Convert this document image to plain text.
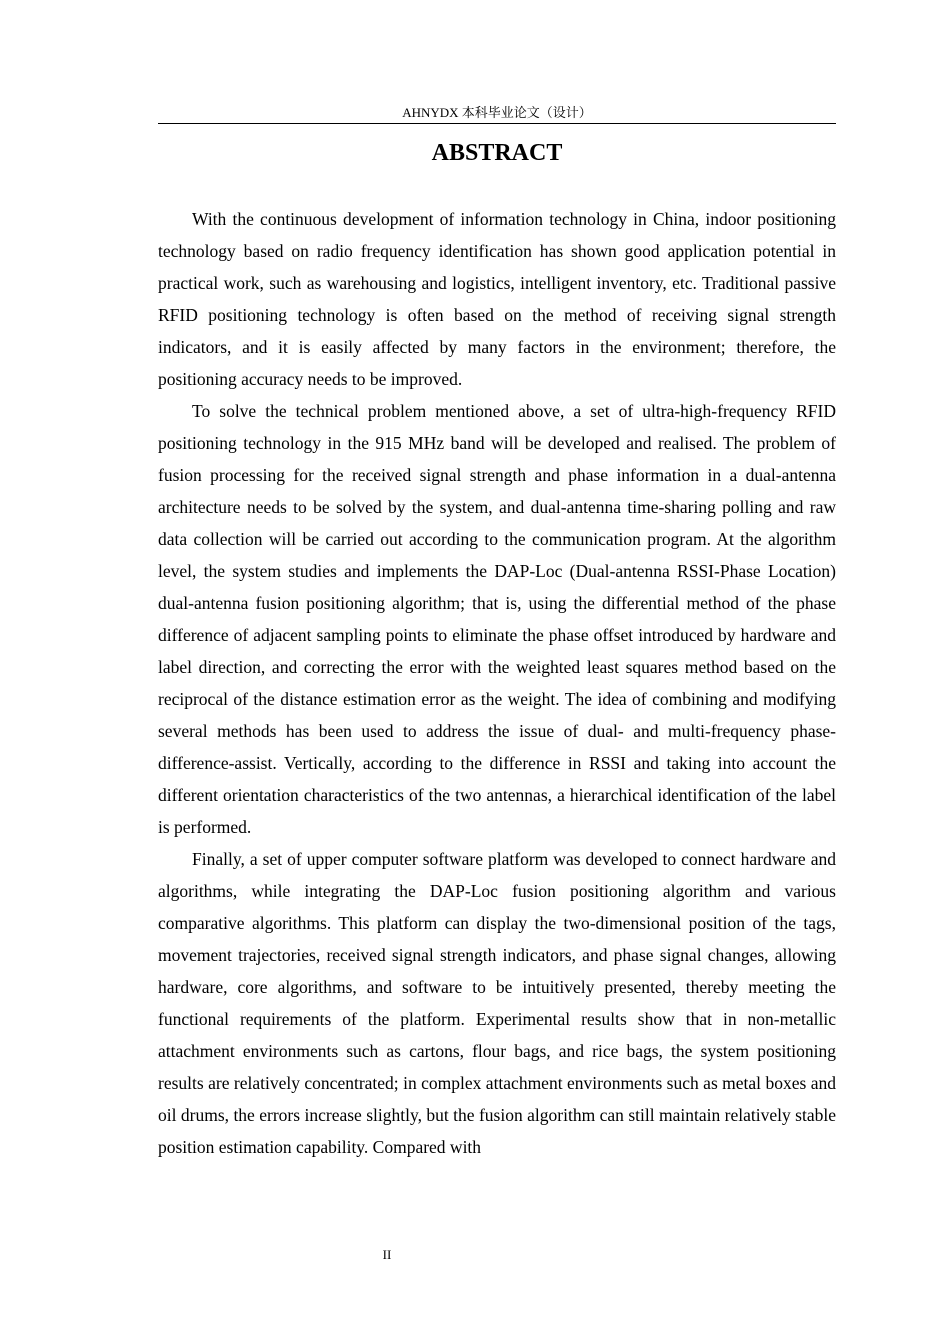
AHNYDX 本科毕业论文（设计）
ABSTRACT

With the continuous development of information technology in China, indoor positioning technology based on radio frequency identification has shown good application potential in practical work, such as warehousing and logistics, intelligent inventory, etc. Traditional passive RFID positioning technology is often based on the method of receiving signal strength indicators, and it is easily affected by many factors in the environment; therefore, the positioning accuracy needs to be improved.

To solve the technical problem mentioned above, a set of ultra-high-frequency RFID positioning technology in the 915 MHz band will be developed and realised. The problem of fusion processing for the received signal strength and phase information in a dual-antenna architecture needs to be solved by the system, and dual-antenna time-sharing polling and raw data collection will be carried out according to the communication program. At the algorithm level, the system studies and implements the DAP-Loc (Dual-antenna RSSI-Phase Location) dual-antenna fusion positioning algorithm; that is, using the differential method of the phase difference of adjacent sampling points to eliminate the phase offset introduced by hardware and label direction, and correcting the error with the weighted least squares method based on the reciprocal of the distance estimation error as the weight. The idea of combining and modifying several methods has been used to address the issue of dual- and multi-frequency phase-difference-assist. Vertically, according to the difference in RSSI and taking into account the different orientation characteristics of the two antennas, a hierarchical identification of the label is performed.

Finally, a set of upper computer software platform was developed to connect hardware and algorithms, while integrating the DAP-Loc fusion positioning algorithm and various comparative algorithms. This platform can display the two-dimensional position of the tags, movement trajectories, received signal strength indicators, and phase signal changes, allowing hardware, core algorithms, and software to be intuitively presented, thereby meeting the functional requirements of the platform. Experimental results show that in non-metallic attachment environments such as cartons, flour bags, and rice bags, the system positioning results are relatively concentrated; in complex attachment environments such as metal boxes and oil drums, the errors increase slightly, but the fusion algorithm can still maintain relatively stable position estimation capability. Compared with

II
